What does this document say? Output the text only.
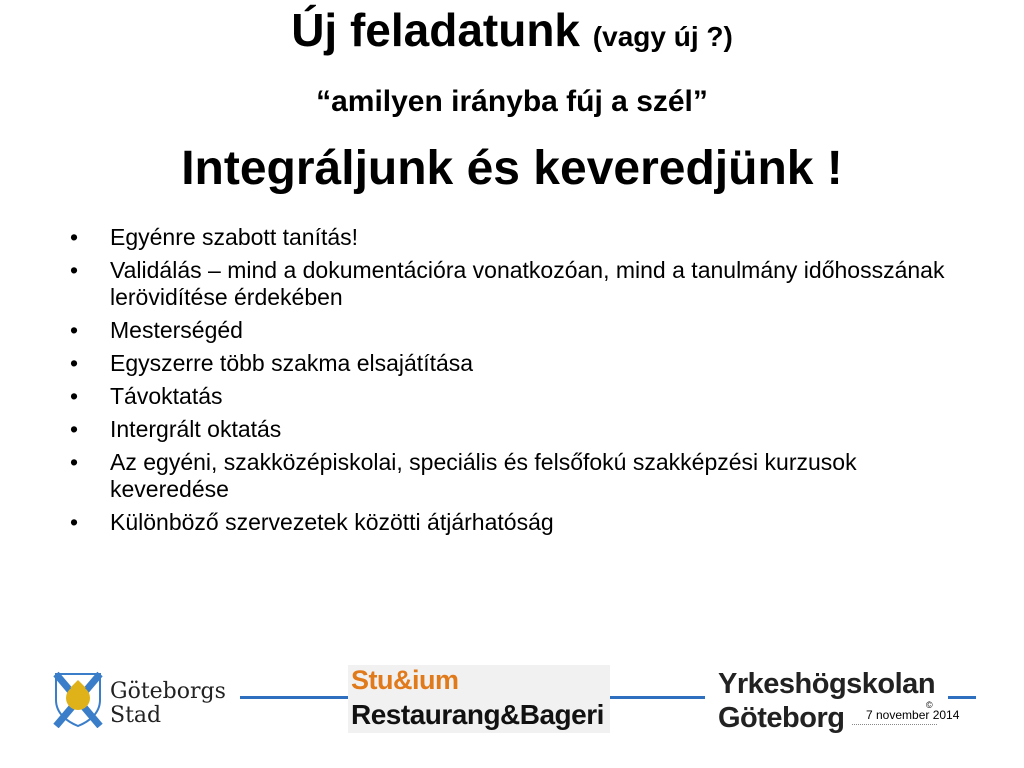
Új feladatunk (vagy új ?)
“amilyen irányba fúj a szél”
Integráljunk és keveredjünk !
• Egyénre szabott tanítás!
• Validálás – mind a dokumentációra vonatkozóan, mind a tanulmány időhosszának lerövidítése érdekében
• Mesterségéd
• Egyszerre több szakma elsajátítása
• Távoktatás
• Intergrált oktatás
• Az egyéni, szakközépiskolai, speciális és felsőfokú szakképzési kurzusok keveredése
• Különböző szervezetek közötti átjárhatóság
Göteborgs
Stad
Stu&ium
Restaurang&Bageri
Yrkeshögskolan
Göteborg	©
7 november 2014
